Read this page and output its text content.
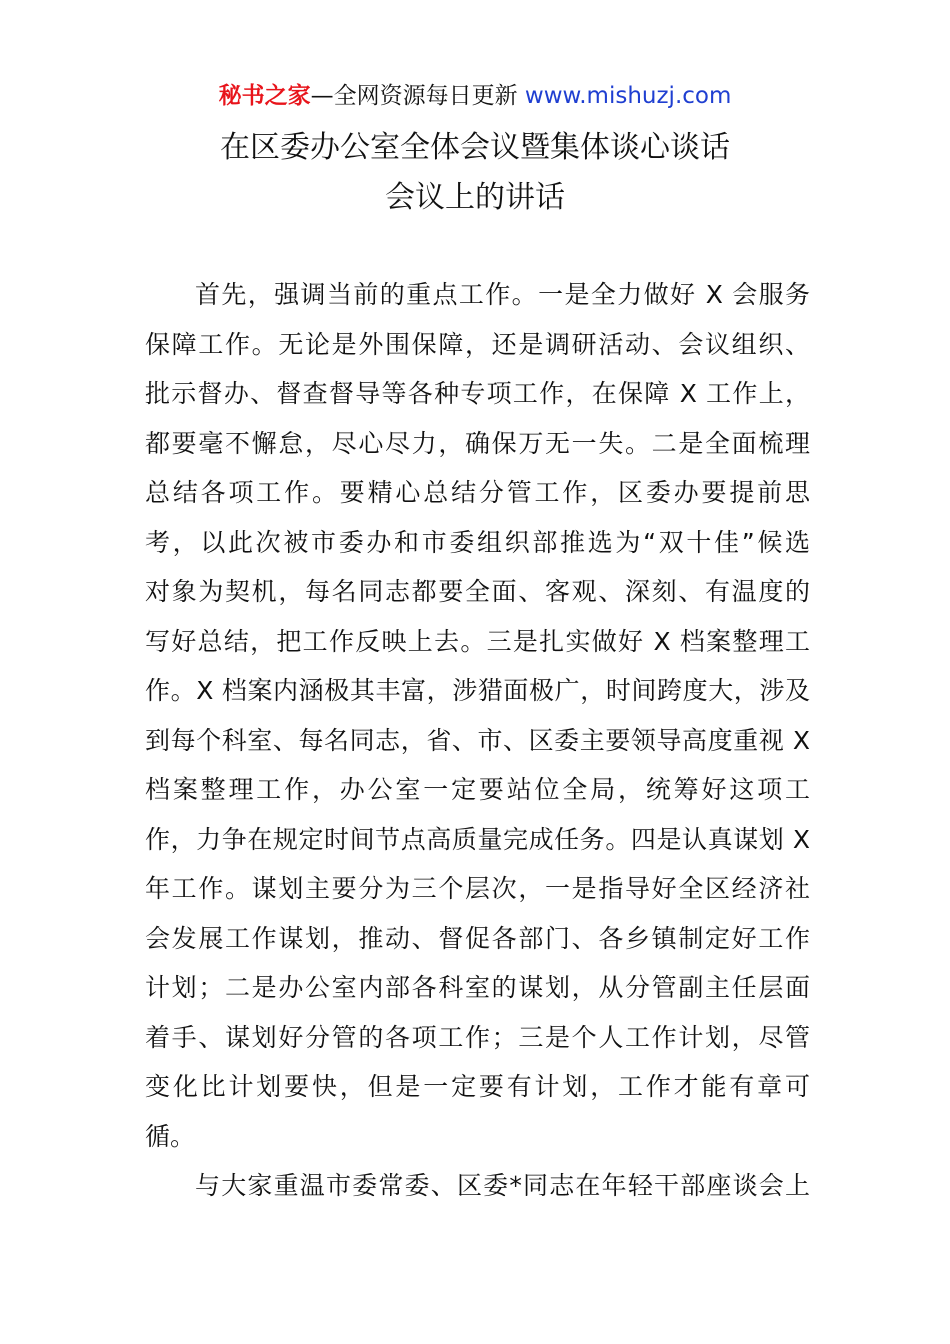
秘书之家—全网资源每日更新 www.mishuzj.com
在区委办公室全体会议暨集体谈心谈话
会议上的讲话
首先，强调当前的重点工作。一是全力做好 X 会服务
保障工作。无论是外围保障，还是调研活动、会议组织、
批示督办、督查督导等各种专项工作，在保障 X 工作上，
都要毫不懈怠，尽心尽力，确保万无一失。二是全面梳理
总结各项工作。要精心总结分管工作，区委办要提前思
考，以此次被市委办和市委组织部推选为“双十佳”候选
对象为契机，每名同志都要全面、客观、深刻、有温度的
写好总结，把工作反映上去。三是扎实做好 X 档案整理工
作。X 档案内涵极其丰富，涉猎面极广，时间跨度大，涉及
到每个科室、每名同志，省、市、区委主要领导高度重视 X
档案整理工作，办公室一定要站位全局，统筹好这项工
作，力争在规定时间节点高质量完成任务。四是认真谋划 X
年工作。谋划主要分为三个层次，一是指导好全区经济社
会发展工作谋划，推动、督促各部门、各乡镇制定好工作
计划；二是办公室内部各科室的谋划，从分管副主任层面
着手、谋划好分管的各项工作；三是个人工作计划，尽管
变化比计划要快，但是一定要有计划，工作才能有章可
循。
与大家重温市委常委、区委*同志在年轻干部座谈会上
